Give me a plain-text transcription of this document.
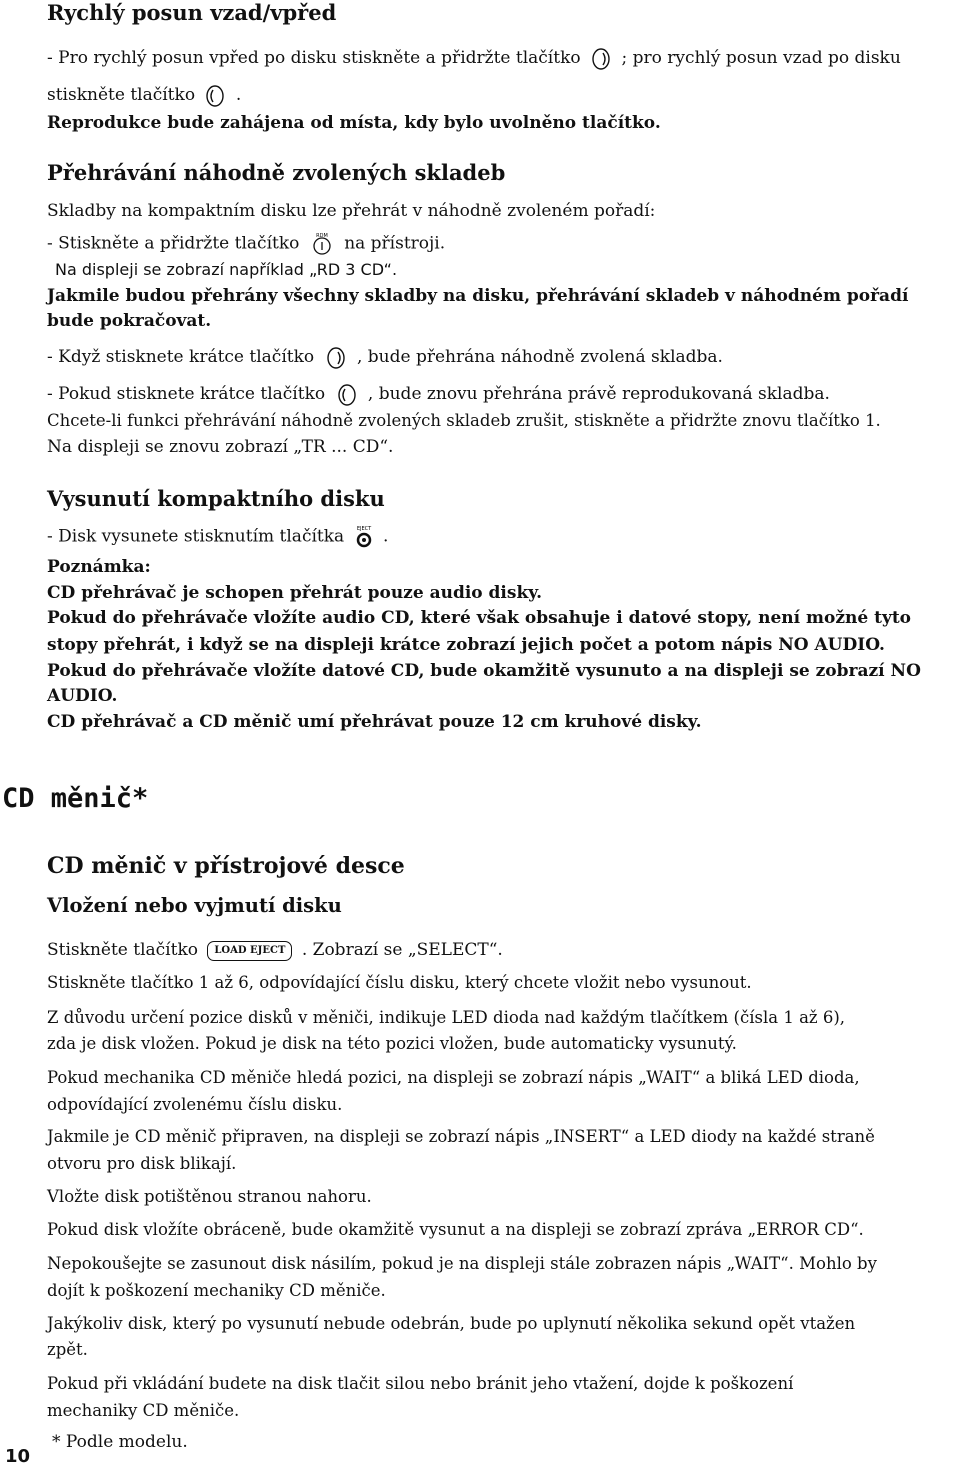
Rychlý posun vzad/vpřed
- Pro rychlý posun vpřed po disku stiskněte a přidržte tlačítko ; pro rychlý posun vzad po disku
stiskněte tlačítko .
Reprodukce bude zahájena od místa, kdy bylo uvolněno tlačítko.
Přehrávání náhodně zvolených skladeb
Skladby na kompaktním disku lze přehrát v náhodně zvoleném pořadí:
- Stiskněte a přidržte tlačítko	RDM na přístroji.
Na displeji se zobrazí například „RD 3 CD“.
Jakmile budou přehrány všechny skladby na disku, přehrávání skladeb v náhodném pořadí
bude pokračovat.
- Když stisknete krátce tlačítko	, bude přehrána náhodně zvolená skladba.
- Pokud stisknete krátce tlačítko	, bude znovu přehrána právě reprodukovaná skladba.
Chcete-li funkci přehrávání náhodně zvolených skladeb zrušit, stiskněte a přidržte znovu tlačítko 1.
Na displeji se znovu zobrazí „TR ... CD“.
Vysunutí kompaktního disku
- Disk vysunete stisknutím tlačítka EJECT .
Poznámka:
CD přehrávač je schopen přehrát pouze audio disky.
Pokud do přehrávače vložíte audio CD, které však obsahuje i datové stopy, není možné tyto
stopy přehrát, i když se na displeji krátce zobrazí jejich počet a potom nápis NO AUDIO.
Pokud do přehrávače vložíte datové CD, bude okamžitě vysunuto a na displeji se zobrazí NO
AUDIO.
CD přehrávač a CD měnič umí přehrávat pouze 12 cm kruhové disky.
CD měnič*
CD měnič v přístrojové desce
Vložení nebo vyjmutí disku
Stiskněte tlačítko LOAD EJECT . Zobrazí se „SELECT“.
Stiskněte tlačítko 1 až 6, odpovídající číslu disku, který chcete vložit nebo vysunout.
Z důvodu určení pozice disků v měniči, indikuje LED dioda nad každým tlačítkem (čísla 1 až 6),
zda je disk vložen. Pokud je disk na této pozici vložen, bude automaticky vysunutý.
Pokud mechanika CD měniče hledá pozici, na displeji se zobrazí nápis „WAIT“ a bliká LED dioda,
odpovídající zvolenému číslu disku.
Jakmile je CD měnič připraven, na displeji se zobrazí nápis „INSERT“ a LED diody na každé straně
otvoru pro disk blikají.
Vložte disk potištěnou stranou nahoru.
Pokud disk vložíte obráceně, bude okamžitě vysunut a na displeji se zobrazí zpráva „ERROR CD“.
Nepokoušejte se zasunout disk násilím, pokud je na displeji stále zobrazen nápis „WAIT“. Mohlo by
dojít k poškození mechaniky CD měniče.
Jakýkoliv disk, který po vysunutí nebude odebrán, bude po uplynutí několika sekund opět vtažen
zpět.
Pokud při vkládání budete na disk tlačit silou nebo bránit jeho vtažení, dojde k poškození
mechaniky CD měniče.
* Podle modelu.
10
